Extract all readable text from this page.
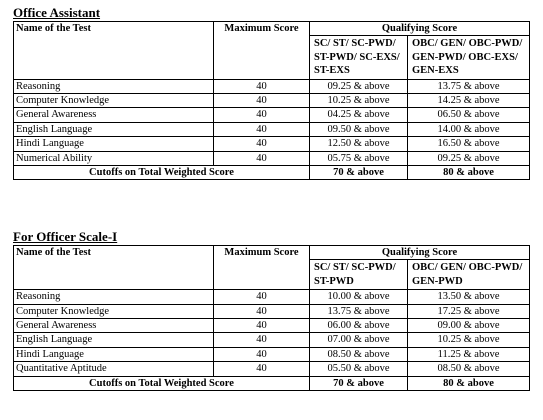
Office Assistant
Name of the Test	Maximum Score	Qualifying Score	
		SC/ ST/ SC-PWD/ ST-PWD/ SC-EXS/ ST-EXS	OBC/ GEN/ OBC-PWD/ GEN-PWD/ OBC-EXS/ GEN-EXS
Reasoning	40	09.25 & above	13.75 & above
Computer Knowledge	40	10.25 & above	14.25 & above
General Awareness	40	04.25 & above	06.50 & above
English Language	40	09.50 & above	14.00 & above
Hindi Language	40	12.50 & above	16.50 & above
Numerical Ability	40	05.75 & above	09.25 & above
Cutoffs on Total Weighted Score		70 & above	80 & above
For Officer Scale-I
Name of the Test	Maximum Score	Qualifying Score	
		SC/ ST/ SC-PWD/ ST-PWD	OBC/ GEN/ OBC-PWD/ GEN-PWD
Reasoning	40	10.00 & above	13.50 & above
Computer Knowledge	40	13.75 & above	17.25 & above
General Awareness	40	06.00 & above	09.00 & above
English Language	40	07.00 & above	10.25 & above
Hindi Language	40	08.50 & above	11.25 & above
Quantitative Aptitude	40	05.50 & above	08.50 & above
Cutoffs on Total Weighted Score		70 & above	80 & above
